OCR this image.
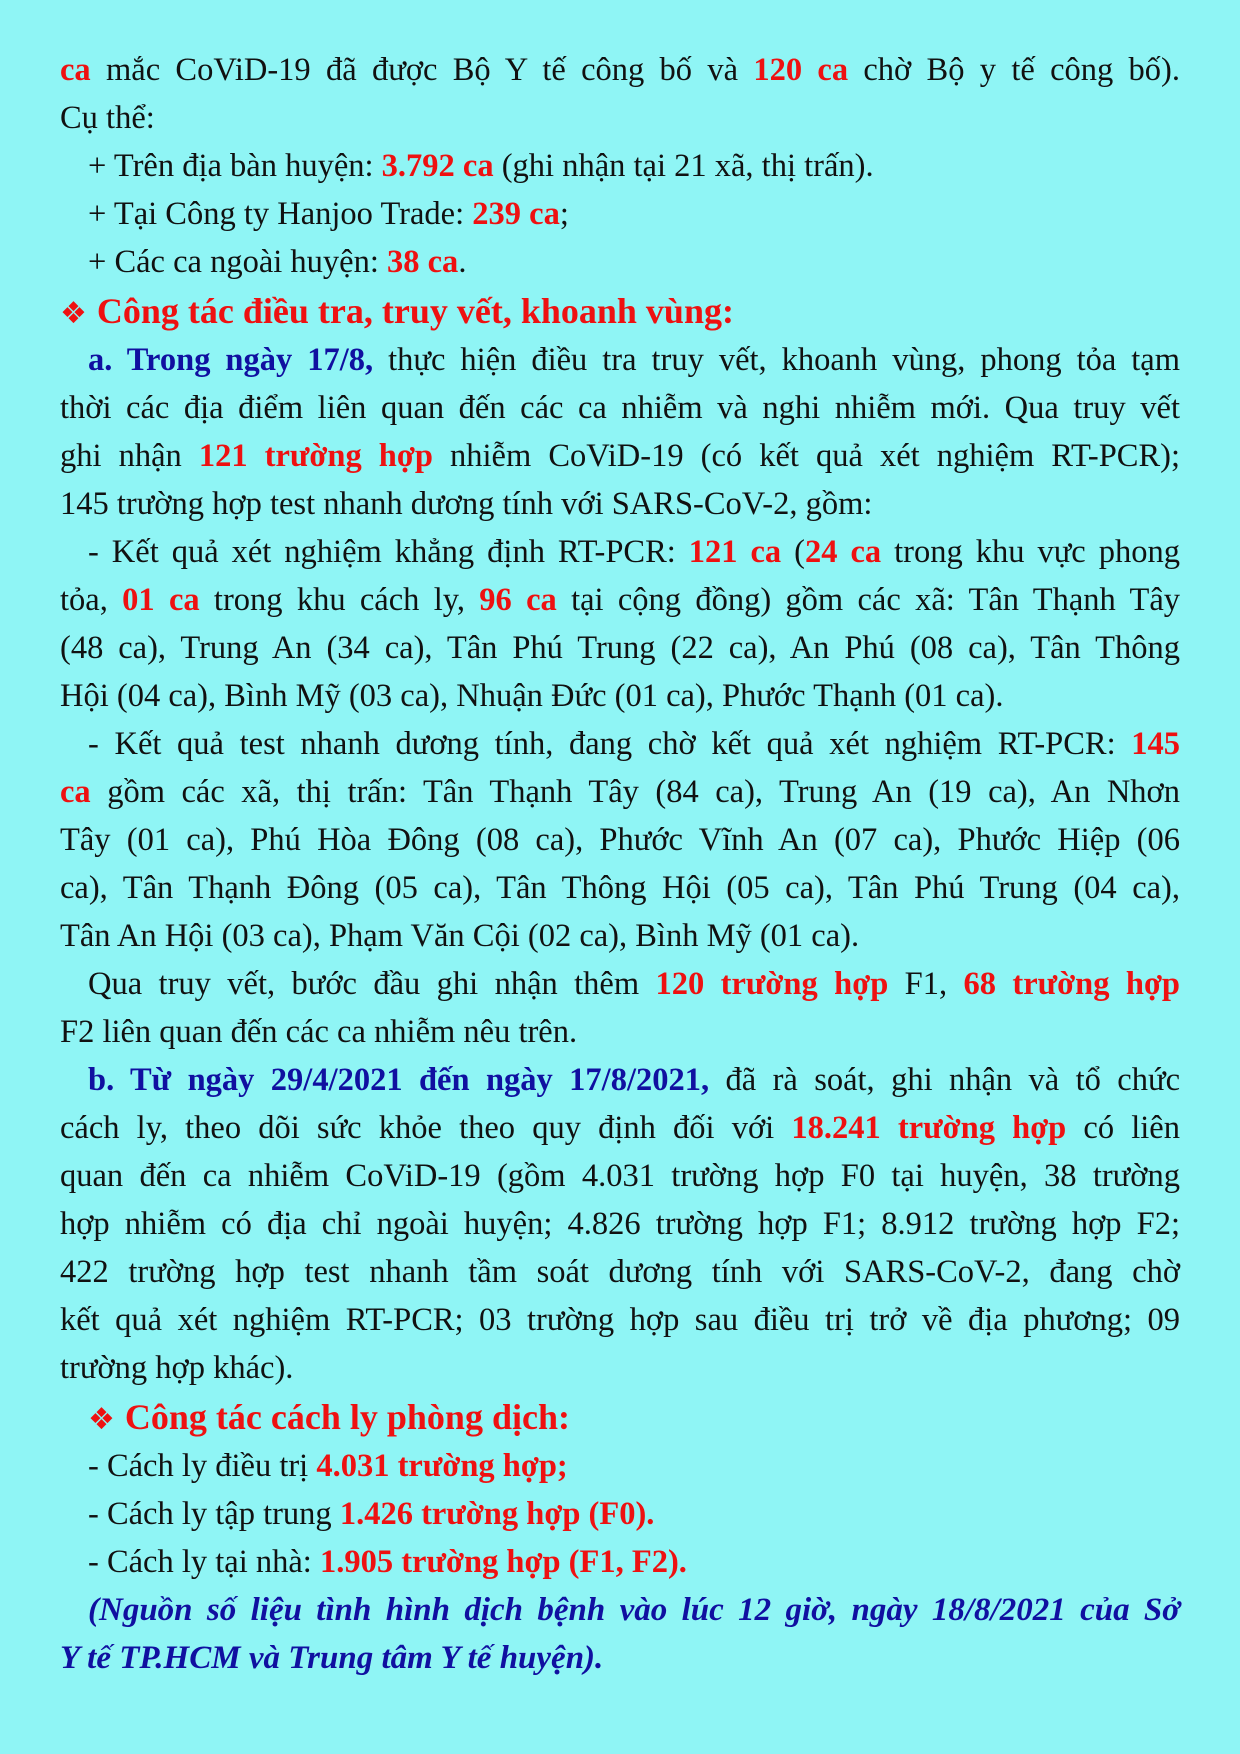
ca mắc CoViD-19 đã được Bộ Y tế công bố và 120 ca chờ Bộ y tế công bố).
Cụ thể:
+ Trên địa bàn huyện: 3.792 ca (ghi nhận tại 21 xã, thị trấn).
+ Tại Công ty Hanjoo Trade: 239 ca;
+ Các ca ngoài huyện: 38 ca.
❖ Công tác điều tra, truy vết, khoanh vùng:
a. Trong ngày 17/8, thực hiện điều tra truy vết, khoanh vùng, phong tỏa tạm
thời các địa điểm liên quan đến các ca nhiễm và nghi nhiễm mới. Qua truy vết
ghi nhận 121 trường hợp nhiễm CoViD-19 (có kết quả xét nghiệm RT-PCR);
145 trường hợp test nhanh dương tính với SARS-CoV-2, gồm:
- Kết quả xét nghiệm khẳng định RT-PCR: 121 ca (24 ca trong khu vực phong
tỏa, 01 ca trong khu cách ly, 96 ca tại cộng đồng) gồm các xã: Tân Thạnh Tây
(48 ca), Trung An (34 ca), Tân Phú Trung (22 ca), An Phú (08 ca), Tân Thông
Hội (04 ca), Bình Mỹ (03 ca), Nhuận Đức (01 ca), Phước Thạnh (01 ca).
- Kết quả test nhanh dương tính, đang chờ kết quả xét nghiệm RT-PCR: 145
ca gồm các xã, thị trấn: Tân Thạnh Tây (84 ca), Trung An (19 ca), An Nhơn
Tây (01 ca), Phú Hòa Đông (08 ca), Phước Vĩnh An (07 ca), Phước Hiệp (06
ca), Tân Thạnh Đông (05 ca), Tân Thông Hội (05 ca), Tân Phú Trung (04 ca),
Tân An Hội (03 ca), Phạm Văn Cội (02 ca), Bình Mỹ (01 ca).
Qua truy vết, bước đầu ghi nhận thêm 120 trường hợp F1, 68 trường hợp
F2 liên quan đến các ca nhiễm nêu trên.
b. Từ ngày 29/4/2021 đến ngày 17/8/2021, đã rà soát, ghi nhận và tổ chức
cách ly, theo dõi sức khỏe theo quy định đối với 18.241 trường hợp có liên
quan đến ca nhiễm CoViD-19 (gồm 4.031 trường hợp F0 tại huyện, 38 trường
hợp nhiễm có địa chỉ ngoài huyện; 4.826 trường hợp F1; 8.912 trường hợp F2;
422 trường hợp test nhanh tầm soát dương tính với SARS-CoV-2, đang chờ
kết quả xét nghiệm RT-PCR; 03 trường hợp sau điều trị trở về địa phương; 09
trường hợp khác).
❖ Công tác cách ly phòng dịch:
- Cách ly điều trị 4.031 trường hợp;
- Cách ly tập trung 1.426 trường hợp (F0).
- Cách ly tại nhà: 1.905 trường hợp (F1, F2).
(Nguồn số liệu tình hình dịch bệnh vào lúc 12 giờ, ngày 18/8/2021 của Sở
Y tế TP.HCM và Trung tâm Y tế huyện).
